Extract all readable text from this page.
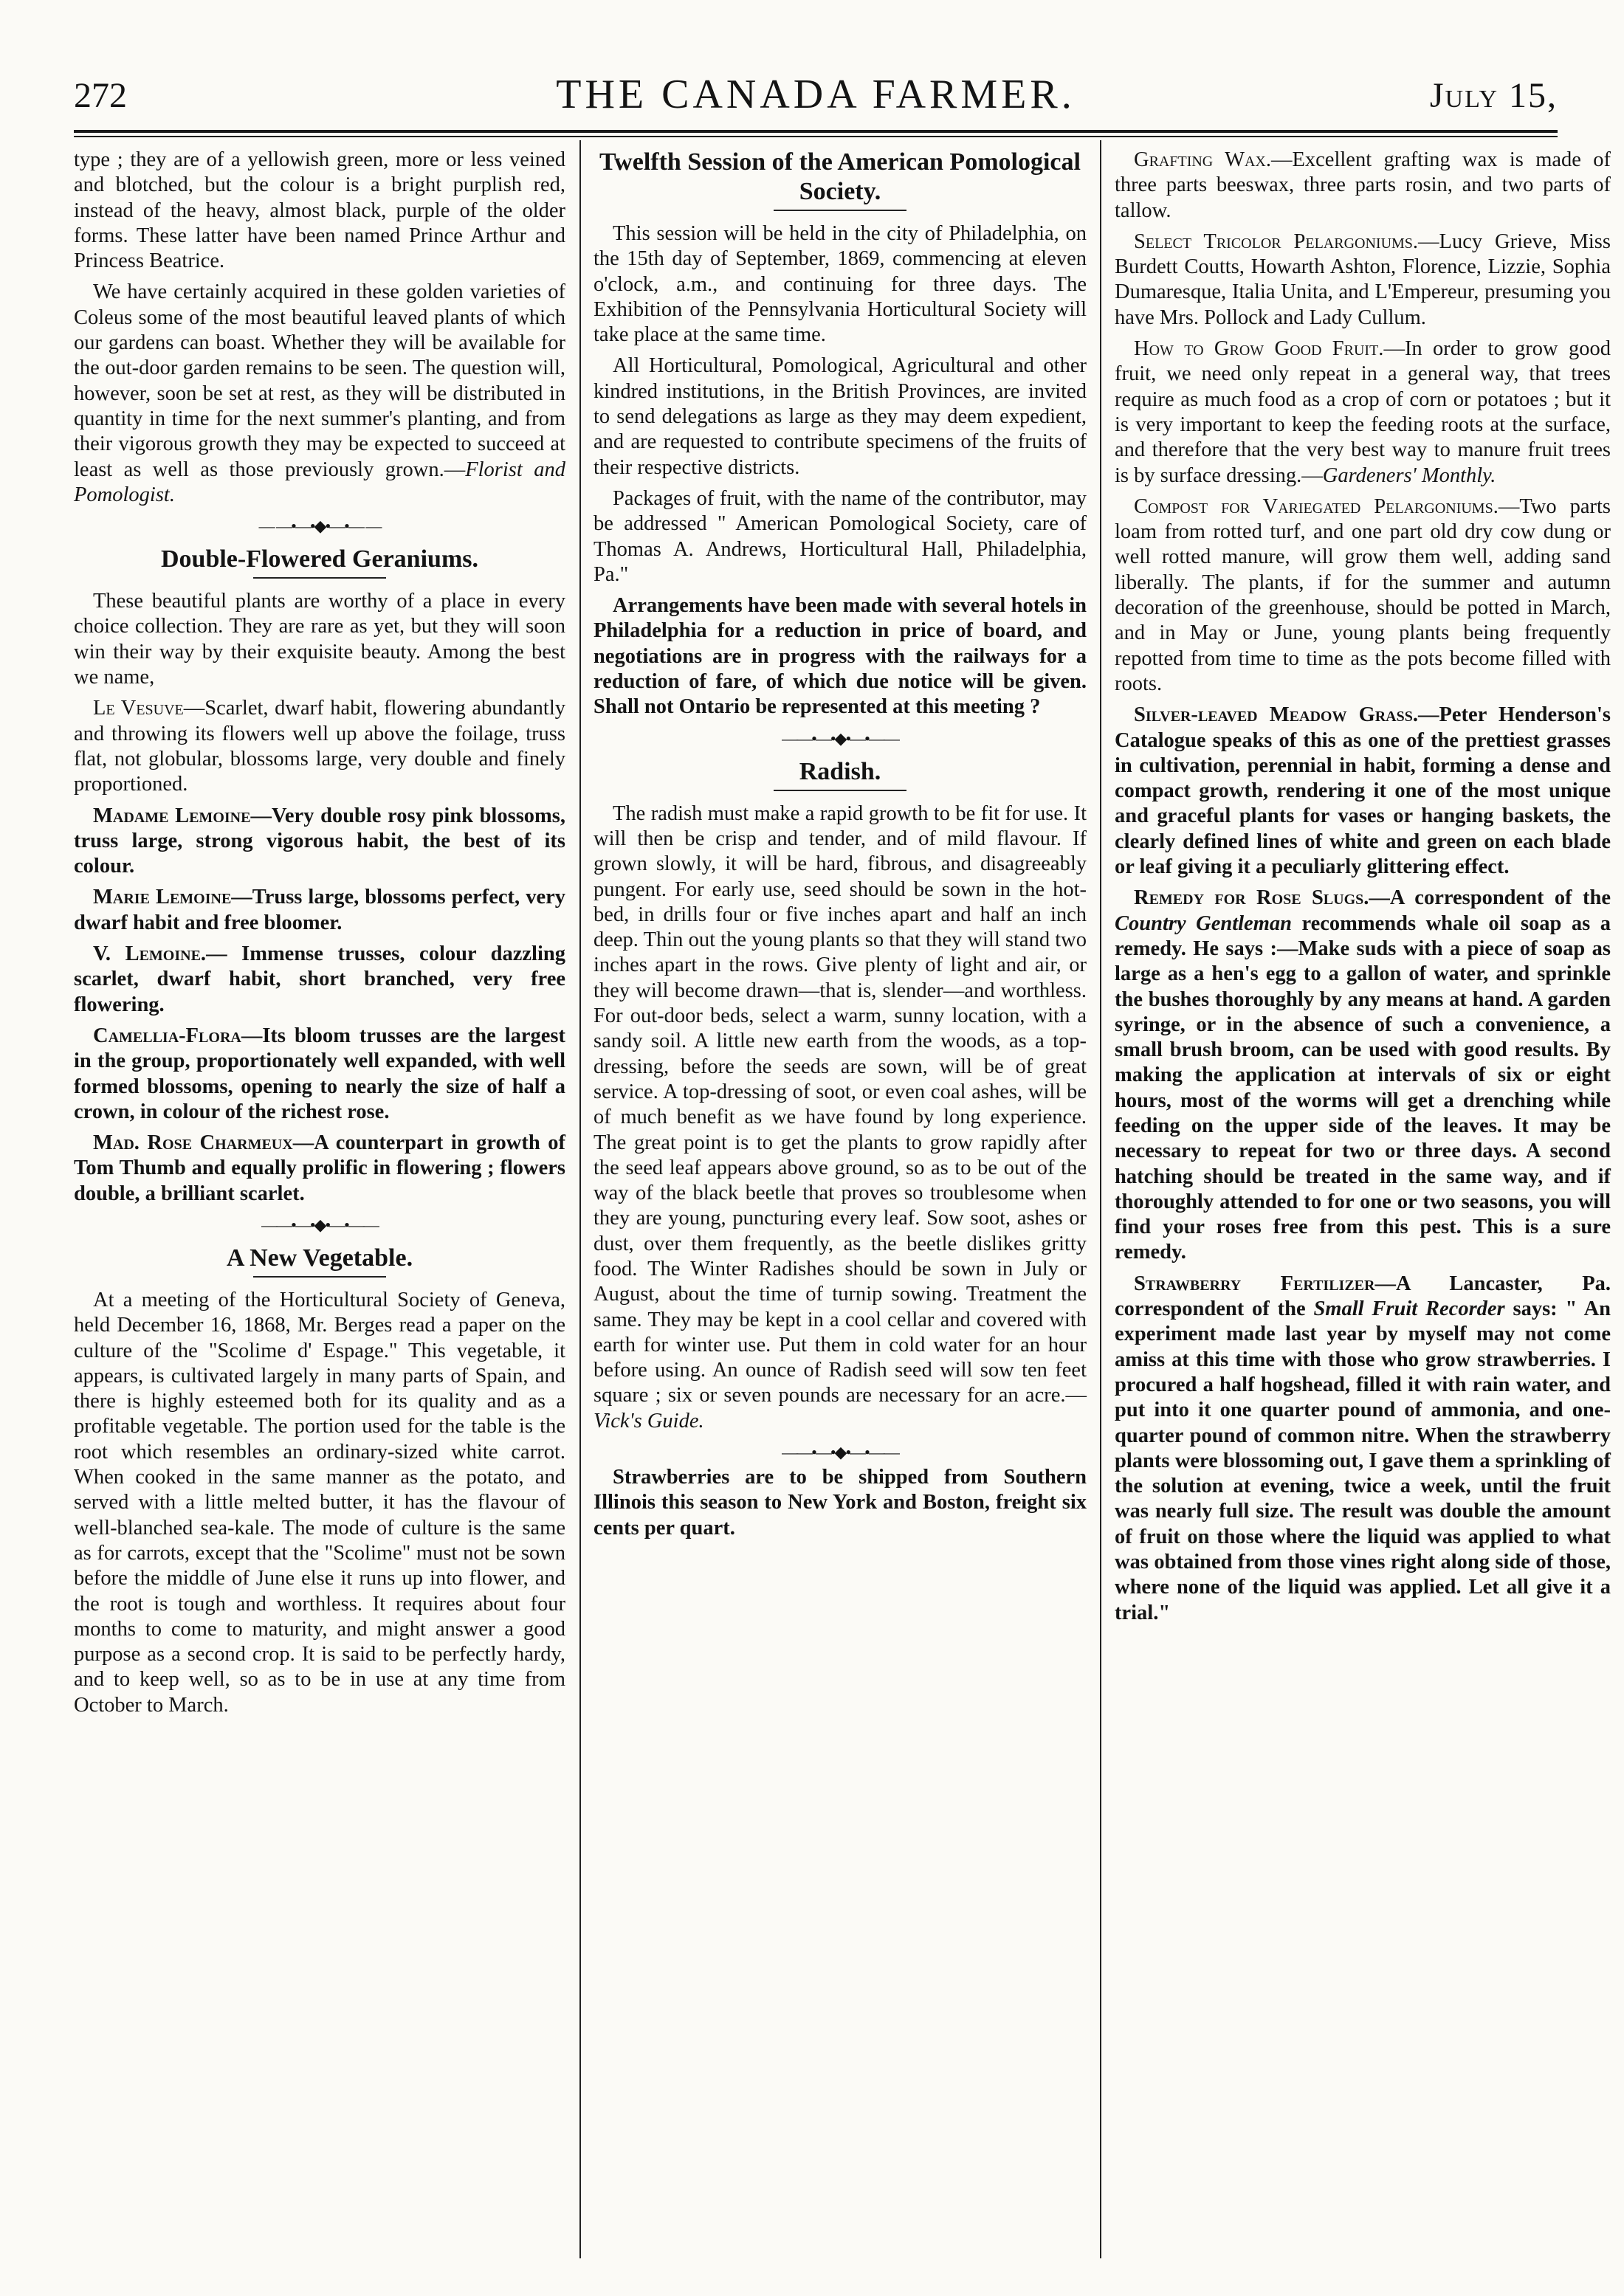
272	THE CANADA FARMER.	July 15,

type ; they are of a yellowish green, more or less veined and blotched, but the colour is a bright purplish red, instead of the heavy, almost black, purple of the older forms. These latter have been named Prince Arthur and Princess Beatrice.

We have certainly acquired in these golden varieties of Coleus some of the most beautiful leaved plants of which our gardens can boast. Whether they will be available for the out-door garden remains to be seen. The question will, however, soon be set at rest, as they will be distributed in quantity in time for the next summer's planting, and from their vigorous growth they may be expected to succeed at least as well as those previously grown.—Florist and Pomologist.

— —•—•◆•—•— —
Double-Flowered Geraniums.

These beautiful plants are worthy of a place in every choice collection. They are rare as yet, but they will soon win their way by their exquisite beauty. Among the best we name,

Le Vesuve—Scarlet, dwarf habit, flowering abundantly and throwing its flowers well up above the foilage, truss flat, not globular, blossoms large, very double and finely proportioned.

Madame Lemoine—Very double rosy pink blossoms, truss large, strong vigorous habit, the best of its colour.

Marie Lemoine—Truss large, blossoms perfect, very dwarf habit and free bloomer.

V. Lemoine.— Immense trusses, colour dazzling scarlet, dwarf habit, short branched, very free flowering.

Camellia-Flora—Its bloom trusses are the largest in the group, proportionately well expanded, with well formed blossoms, opening to nearly the size of half a crown, in colour of the richest rose.

Mad. Rose Charmeux—A counterpart in growth of Tom Thumb and equally prolific in flowering ; flowers double, a brilliant scarlet.

——•—•◆•—•——
A New Vegetable.

At a meeting of the Horticultural Society of Geneva, held December 16, 1868, Mr. Berges read a paper on the culture of the "Scolime d' Espage." This vegetable, it appears, is cultivated largely in many parts of Spain, and there is highly esteemed both for its quality and as a profitable vegetable. The portion used for the table is the root which resembles an ordinary-sized white carrot. When cooked in the same manner as the potato, and served with a little melted butter, it has the flavour of well-blanched sea-kale. The mode of culture is the same as for carrots, except that the "Scolime" must not be sown before the middle of June else it runs up into flower, and the root is tough and worthless. It requires about four months to come to maturity, and might answer a good purpose as a second crop. It is said to be perfectly hardy, and to keep well, so as to be in use at any time from October to March.

Twelfth Session of the American Pomological Society.

This session will be held in the city of Philadelphia, on the 15th day of September, 1869, commencing at eleven o'clock, a.m., and continuing for three days. The Exhibition of the Pennsylvania Horticultural Society will take place at the same time.

All Horticultural, Pomological, Agricultural and other kindred institutions, in the British Provinces, are invited to send delegations as large as they may deem expedient, and are requested to contribute specimens of the fruits of their respective districts.

Packages of fruit, with the name of the contributor, may be addressed " American Pomological Society, care of Thomas A. Andrews, Horticultural Hall, Philadelphia, Pa."

Arrangements have been made with several hotels in Philadelphia for a reduction in price of board, and negotiations are in progress with the railways for a reduction of fare, of which due notice will be given. Shall not Ontario be represented at this meeting ?

——•—•◆•—•——
Radish.

The radish must make a rapid growth to be fit for use. It will then be crisp and tender, and of mild flavour. If grown slowly, it will be hard, fibrous, and disagreeably pungent. For early use, seed should be sown in the hot-bed, in drills four or five inches apart and half an inch deep. Thin out the young plants so that they will stand two inches apart in the rows. Give plenty of light and air, or they will become drawn—that is, slender—and worthless. For out-door beds, select a warm, sunny location, with a sandy soil. A little new earth from the woods, as a top-dressing, before the seeds are sown, will be of great service. A top-dressing of soot, or even coal ashes, will be of much benefit as we have found by long experience. The great point is to get the plants to grow rapidly after the seed leaf appears above ground, so as to be out of the way of the black beetle that proves so troublesome when they are young, puncturing every leaf. Sow soot, ashes or dust, over them frequently, as the beetle dislikes gritty food. The Winter Radishes should be sown in July or August, about the time of turnip sowing. Treatment the same. They may be kept in a cool cellar and covered with earth for winter use. Put them in cold water for an hour before using. An ounce of Radish seed will sow ten feet square ; six or seven pounds are necessary for an acre.—Vick's Guide.

——•—•◆•—•——

Strawberries are to be shipped from Southern Illinois this season to New York and Boston, freight six cents per quart.

Grafting Wax.—Excellent grafting wax is made of three parts beeswax, three parts rosin, and two parts of tallow.

Select Tricolor Pelargoniums.—Lucy Grieve, Miss Burdett Coutts, Howarth Ashton, Florence, Lizzie, Sophia Dumaresque, Italia Unita, and L'Empereur, presuming you have Mrs. Pollock and Lady Cullum.

How to Grow Good Fruit.—In order to grow good fruit, we need only repeat in a general way, that trees require as much food as a crop of corn or potatoes ; but it is very important to keep the feeding roots at the surface, and therefore that the very best way to manure fruit trees is by surface dressing.—Gardeners' Monthly.

Compost for Variegated Pelargoniums.—Two parts loam from rotted turf, and one part old dry cow dung or well rotted manure, will grow them well, adding sand liberally. The plants, if for the summer and autumn decoration of the greenhouse, should be potted in March, and in May or June, young plants being frequently repotted from time to time as the pots become filled with roots.

Silver-leaved Meadow Grass.—Peter Henderson's Catalogue speaks of this as one of the prettiest grasses in cultivation, perennial in habit, forming a dense and compact growth, rendering it one of the most unique and graceful plants for vases or hanging baskets, the clearly defined lines of white and green on each blade or leaf giving it a peculiarly glittering effect.

Remedy for Rose Slugs.—A correspondent of the Country Gentleman recommends whale oil soap as a remedy. He says :—Make suds with a piece of soap as large as a hen's egg to a gallon of water, and sprinkle the bushes thoroughly by any means at hand. A garden syringe, or in the absence of such a convenience, a small brush broom, can be used with good results. By making the application at intervals of six or eight hours, most of the worms will get a drenching while feeding on the upper side of the leaves. It may be necessary to repeat for two or three days. A second hatching should be treated in the same way, and if thoroughly attended to for one or two seasons, you will find your roses free from this pest. This is a sure remedy.

Strawberry Fertilizer—A Lancaster, Pa. correspondent of the Small Fruit Recorder says: " An experiment made last year by myself may not come amiss at this time with those who grow strawberries. I procured a half hogshead, filled it with rain water, and put into it one quarter pound of ammonia, and one-quarter pound of common nitre. When the strawberry plants were blossoming out, I gave them a sprinkling of the solution at evening, twice a week, until the fruit was nearly full size. The result was double the amount of fruit on those where the liquid was applied to what was obtained from those vines right along side of those, where none of the liquid was applied. Let all give it a trial."
